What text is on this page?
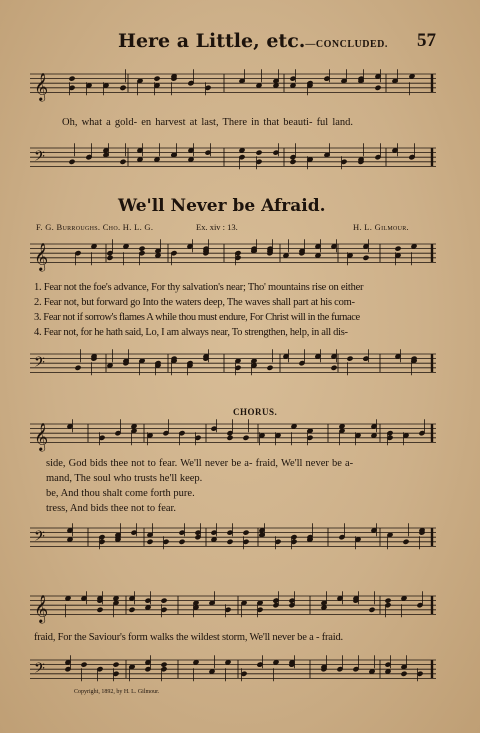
Here a Little, etc.—CONCLUDED. 57
𝄞
Oh, what a gold- en harvest at last, There in that beauti- ful land.
𝄢
We'll Never be Afraid.
F. G. Burroughs. Cho. H. L. G.	Ex. xiv : 13.	H. L. Gilmour.
𝄞
1. Fear not the foe's advance, For thy salvation's near; Tho' mountains rise on either
2. Fear not, but forward go Into the waters deep, The waves shall part at his com-
3. Fear not if sorrow's flames A while thou must endure, For Christ will in the furnace
4. Fear not, for he hath said, Lo, I am always near, To strengthen, help, in all dis-
𝄢
CHORUS.
𝄞
side, God bids thee not to fear. We'll never be a- fraid, We'll never be a-
mand, The soul who trusts he'll keep.
be, And thou shalt come forth pure.
tress, And bids thee not to fear.
𝄢
𝄞
fraid, For the Saviour's form walks the wildest storm, We'll never be a - fraid.
𝄢
Copyright, 1892, by H. L. Gilmour.
